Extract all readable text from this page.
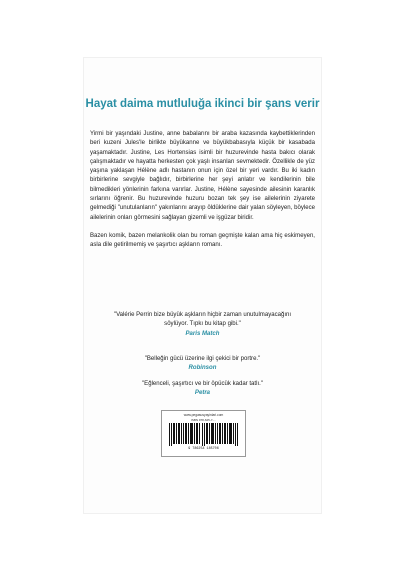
Hayat daima mutluluğa ikinci bir şans verir

Yirmi bir yaşındaki Justine, anne babalarını bir araba kazasında kaybettiklerinden beri kuzeni Jules'le birlikte büyükanne ve büyükbabasıyla küçük bir kasabada yaşamaktadır. Justine, Les Hortensias isimli bir huzurevinde hasta bakıcı olarak çalışmaktadır ve hayatta herkesten çok yaşlı insanları sevmektedir. Özellikle de yüz yaşına yaklaşan Hélène adlı hastanın onun için özel bir yeri vardır. Bu iki kadın birbirlerine sevgiyle bağlıdır, birbirlerine her şeyi anlatır ve kendilerinin bile bilmedikleri yönlerinin farkına varırlar. Justine, Hélène sayesinde ailesinin karanlık sırlarını öğrenir. Bu huzurevinde huzuru bozan tek şey ise ailelerinin ziyarete gelmediği "unutulanların" yakınlarını arayıp öldüklerine dair yalan söyleyen, böylece ailelerinin onları görmesini sağlayan gizemli ve işgüzar biridir.

Bazen komik, bazen melankolik olan bu roman geçmişte kalan ama hiç eskimeyen, asla dile getirilmemiş ve şaşırtıcı aşkların romanı.

"Valérie Perrin bize büyük aşkların hiçbir zaman unutulmayacağını
söylüyor. Tıpkı bu kitap gibi."
Paris Match
"Belleğin gücü üzerine ilgi çekici bir portre."
Robinson
"Eğlenceli, şaşırtıcı ve bir öpücük kadar tatlı."
Petra
www.pegasusyayinlari.com
ISBN 978-625-7-...
9 786254 185706
